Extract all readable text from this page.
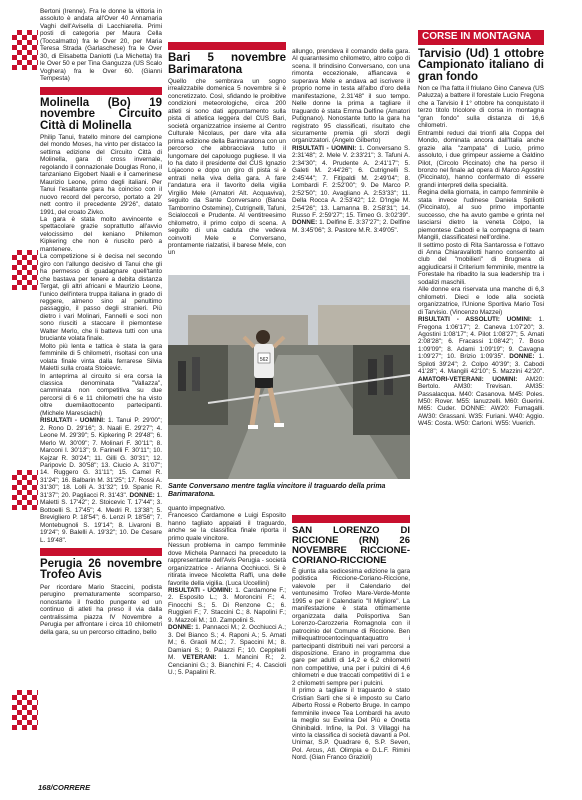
Bertoni (Irenne). Fra le donne la vittoria in assoluto è andata all'Over 40 Annamaria Vaghi dell'Avisella di Lacchiarella. Primi posti di categoria per Maura Cella (Toccalmatto) fra le Over 20, per Maria Teresa Strada (Garlaschese) fra le Over 30, di Elisabetta Daniotti (La Michetta) fra le Over 50 e per Tina Ganguzza (US Scalo Voghera) fra le Over 60. (Gianni Tempesta)

Molinella (Bo) 19 novembre Circuito Città di Molinella

Philip Tanui, fratello minore del campione del mondo Moses, ha vinto per distacco la settima edizione del Circuito Città di Molinella, gara di cross invernale, regolando il connazionale Douglas Rono, il tanzaniano Eigobert Naali e il camerinese Maurizio Leone, primo degli italiani. Per Tanui l'esaltante gara ha coinciso con il nuovo record del percorso, portato a 29' nett contro il precedente 29'26", datato 1991, del croato Zivko.

La gara è stata molto avvincente e spettacolare grazie soprattutto all'avvio velocissimo del keniano Philemon Kipkering che non è riuscito però a mantenere.

La competizione si è decisa nel secondo giro con l'allungo decisivo di Tanui che gli ha permesso di guadagnare quell'tanto che bastava per tenere a debita distanza Tergat, gli altri africani e Maurizio Leone, l'unico dell'intera truppa italiana in grado di reggere, almeno sino al penultimo passaggio, il passo degli stranieri. Più dietro i vari Molinari, Fannelli e soci non sono riusciti a staccare il piemontese Walter Merlo, che li batteva tutti con una bruciante volata finale.

Molto più lenta e tattica è stata la gara femminile di 5 chilometri, risoltasi con una volata finale vinta dalla ferrarese Silvia Maletti sulla croata Stoicevic.

In anteprima al circuito si era corsa la classica denominata "Vallazza", camminata non competitiva su due percorsi di 6 e 11 chilometri che ha visto oltre duemilaottocento partecipanti. (Michele Maresciachi)

RISULTATI - UOMINI: 1. Tanui P. 29'00"; 2. Rono D. 29'16"; 3. Naali E. 29'27"; 4. Leone M. 29'39"; 5. Kipkering P. 29'48"; 6. Merlo W. 30'09"; 7. Molinari F. 30'11"; 8. Marconi I. 30'13"; 9. Farinelli F. 30'11"; 10. Kejzar R. 30'24"; 11. Gilli G. 30'31"; 12. Paripovic D. 30'58"; 13. Ciucio A. 31'07"; 14. Ruggero G. 31'11"; 15. Camel R. 31'24"; 16. Balbarin M. 31'25"; 17. Rossi A. 31'30"; 18. Lolli A. 31'32"; 19. Spanic R. 31'37"; 20. Pagliacci R. 31'43". DONNE: 1. Maletti S. 17'42"; 2. Stoicevic T. 17'44"; 3. Bottoelli S. 17'45"; 4. Medri R. 13'38"; 5. Brevigliero P. 18'54"; 6. Lenzi P. 18'56"; 7. Montebugnoli S. 19'14"; 8. Livaroni B. 19'24"; 9. Balelli A. 19'32"; 10. De Cesare L. 19'48".

Perugia 26 novembre Trofeo Avis

Per ricordare Mario Staccini, podista perugino prematuramente scomparso, nonostante il freddo pungente ed un continuo di atleti ha preso il via dalla centralissima piazza IV Novembre a Perugia per affrontare i circa 10 chilometri della gara, su un percorso cittadino, bello

Bari 5 novembre Barimaratona

Quello che sembrava un sogno irrealizzabile domenica 5 novembre si è concretizzato. Così, sfidando le proibitive condizioni meteorologiche, circa 200 atleti si sono dati appuntamento sulla pista di atletica leggera del CUS Bari, società organizzatrice insieme al Centro Culturale Nicolaus, per dare vita alla prima edizione della Barimaratona con un percorso che abbracciava tutto il lungomare del capoluogo pugliese. Il via lo ha dato il presidente del CUS Ignazio Lojacono e dopo un giro di pista si è entrati nella viva della gara. A fare l'andatura era il favorito della vigilia Virgilio Mele (Amatori Alt. Acquaviva), seguito da Sante Conversano (Banca Tamborrino Ostemine), Cutrignelli, Tafuni, Scialoccoli e Prudente. Al ventitreesimo chilometro, il primo colpo di scena. A seguito di una caduta che vedeva coinvolti Mele e Conversano, prontamente rialzatisi, il barese Mele, con un

allungo, prendeva il comando della gara. Al quarantesimo chilometro, altro colpo di scena. Il brindisino Conversano, con una rimonta eccezionale, affiancava e superava Mele e andava ad iscrivere il proprio nome in testa all'albo d'oro della manifestazione, 2.31'48" il suo tempo. Nelle donne la prima a tagliare il traguardo è stata Emma Delfine (Amatori Putignano). Nonostante tutto la gara ha registrato 95 classificati, risultato che sicuramente premia gli sforzi degli organizzatori. (Angelo Gilberto)

RISULTATI - UOMINI: 1. Conversano S. 2:31'48"; 2. Mele V. 2:33'21"; 3. Tafuni A. 2:34'30"; 4. Prudente A. 2:41'17"; 5. Galeti M. 2:44'26"; 6. Cutrignelli S. 2:45'44"; 7. Fitipaldi M. 2:49'04"; 8. Lombardi F. 2:52'00"; 9. De Marco P. 2:52'50"; 10. Avagliano A. 2:53'33"; 11. Della Rocca A. 2:53'42"; 12. D'Ingie M. 2:54'26"; 13. Lamanna B. 2:58'31"; 14. Russo F. 2:59'27"; 15. Timeo G. 3:02'39". DONNE: 1. Delfine E. 3:37'27"; 2. Delfine M. 3:45'06"; 3. Pastore M.R. 3:49'05".

562
Sante Conversano mentre taglia vincitore il traguardo della prima Barimaratona.

quanto impegnativo.
Francesco Cardamone e Luigi Esposito hanno tagliato appaiati il traguardo, anche se la classifica finale riporta il primo quale vincitore.
Nessun problema in campo femminile dove Michela Pannacci ha preceduto la rappresentante dell'Avis Perugia - società organizzatrice - Arianna Occhiucci. Si è ritirata invece Nicoletta Raffi, una delle favorite della vigilia. (Luca Uccellini)

RISULTATI - UOMINI: 1. Cardamone F.; 2. Esposito L.; 3. Moroncini F.; 4. Finocchi S.; 5. Di Renzone C.; 6. Ruggieri F.; 7. Staccini C.; 8. Napolini F.; 9. Mazzoli M.; 10. Zampolini S.

DONNE: 1. Pannacci M.; 2. Occhiucci A.; 3. Del Bianco S.; 4. Raponi A.; 5. Amati M.; 6. Graoli M.C.; 7. Spaccini M.; 8. Damiani S.; 9. Palazzi F.; 10. Ceppitelli M. VETERANI: 1. Mancini R.; 2. Cencianini G.; 3. Bianchini F.; 4. Cascioli U.; 5. Papalini R.

SAN LORENZO DI RICCIONE (RN) 26 NOVEMBRE RICCIONE-CORIANO-RICCIONE

È giunta alla sedicesima edizione la gara podistica Riccione-Coriano-Riccione, valevole per il Calendario del ventunesimo Trofeo Mare-Verde-Monte 1995 e per il Calendario "Il Migliore". La manifestazione è stata ottimamente organizzata dalla Polisportiva San Lorenzo-Carozzeria Romagnola con il patrocinio del Comune di Riccione. Ben millequattrocentocinquantaquattro i partecipanti distribuiti nei vari percorsi a disposizione. Erano in programma due gare per adulti di 14,2 e 6,2 chilometri non competitive, una per i pulcini di 4,6 chilometri e due traccati competitivi di 1 e 2 chilometri sempre per i pulcini.

Il primo a tagliare il traguardo è stato Cristian Sarti che si è imposto su Carlo Alberto Rossi e Roberto Bruge. In campo femminile invece Tea Lombardi ha avuto la meglio su Evelina Del Più e Onetta Ghinibaldi. Infine, la Pol. 3 Villaggi ha vinto la classifica di società davanti a Pol. Unimar, S.P. Quadrare 6, S.P. Seven, Pol. Arcus, Atl. Olimpia e D.L.F. Rimini Nord. (Gian Franco Grazioli)

CORSE IN MONTAGNA
Tarvisio (Ud) 1 ottobre Campionato italiano di gran fondo

Non ce l'ha fatta il friulano Gino Caneva (US Paluzza) a battere il forestale Lucio Fregona che a Tarvisio il 1° ottobre ha conquistato il terzo titolo tricolore di corsa in montagna "gran fondo" sulla distanza di 16,6 chilometri.

Entrambi reduci dai trionfi alla Coppa del Mondo, dominata ancora dall'Italia anche grazie alla "zampata" di Lucio, primo assoluto, i due grimpeur assieme a Galdino Pilot, (Circolo Piccinato) che ha perso il bronzo nel finale ad opera di Marco Agostini (Piccinato), hanno confermato di essere grandi interpreti della specialità.

Regina della giornata, in campo femminile è stata invece l'udinese Daniela Spiliotti (Piccinato), al suo primo importante successo, che ha avuto gambe e grinta nel lasciarsi dietro la veneta Colpo, la piemontese Cabodi e la compagna di team Mangili, classificatesi nell'ordine.

Il settimo posto di Rita Santarossa e l'ottavo di Anna Chiaravallotti hanno consentito al club del "mobilieri" di Brugnera di aggiudicarsi il Criterium femminile, mentre la Forestale ha ribadito la sua leadership tra i sodalizi maschili.

Alle donne era riservata una manche di 6,3 chilometri. Dieci e lode alla società organizzatrice, l'Unione Sportiva Mario Tosi di Tarvisio. (Vincenzo Mazzei)

RISULTATI - ASSOLUTI: UOMINI: 1. Fregona 1:06'17"; 2. Caneva 1:07'20"; 3. Agostini 1:08'17"; 4. Pilot 1:08'27"; 5. Amati 2:08'28"; 6. Fracassi 1:08'42"; 7. Boso 1:09'09"; 8. Adami 1:09'19"; 9. Cavagna 1:09'27"; 10. Brizio 1:09'35". DONNE: 1. Spiloti 39'24"; 2. Colpo 40'39"; 3. Cabodi 41'28"; 4. Mangili 42'10"; 5. Mazzini 42'20". AMATORI-VETERANI: UOMINI: AM20: Bertolo. AM30: Trevisan. AM35: Passalacqua. M40: Casanova. M45: Poles. M50: Rover. M55: Ianuzzelli. M60: Guerini. M65: Cuder. DONNE: AW20: Fumagalli. AW30: Grassani. W35: Furiani. W40: Aggio. W45: Costa. W50: Carloni. W55: Vuerich.

168/CORRERE
